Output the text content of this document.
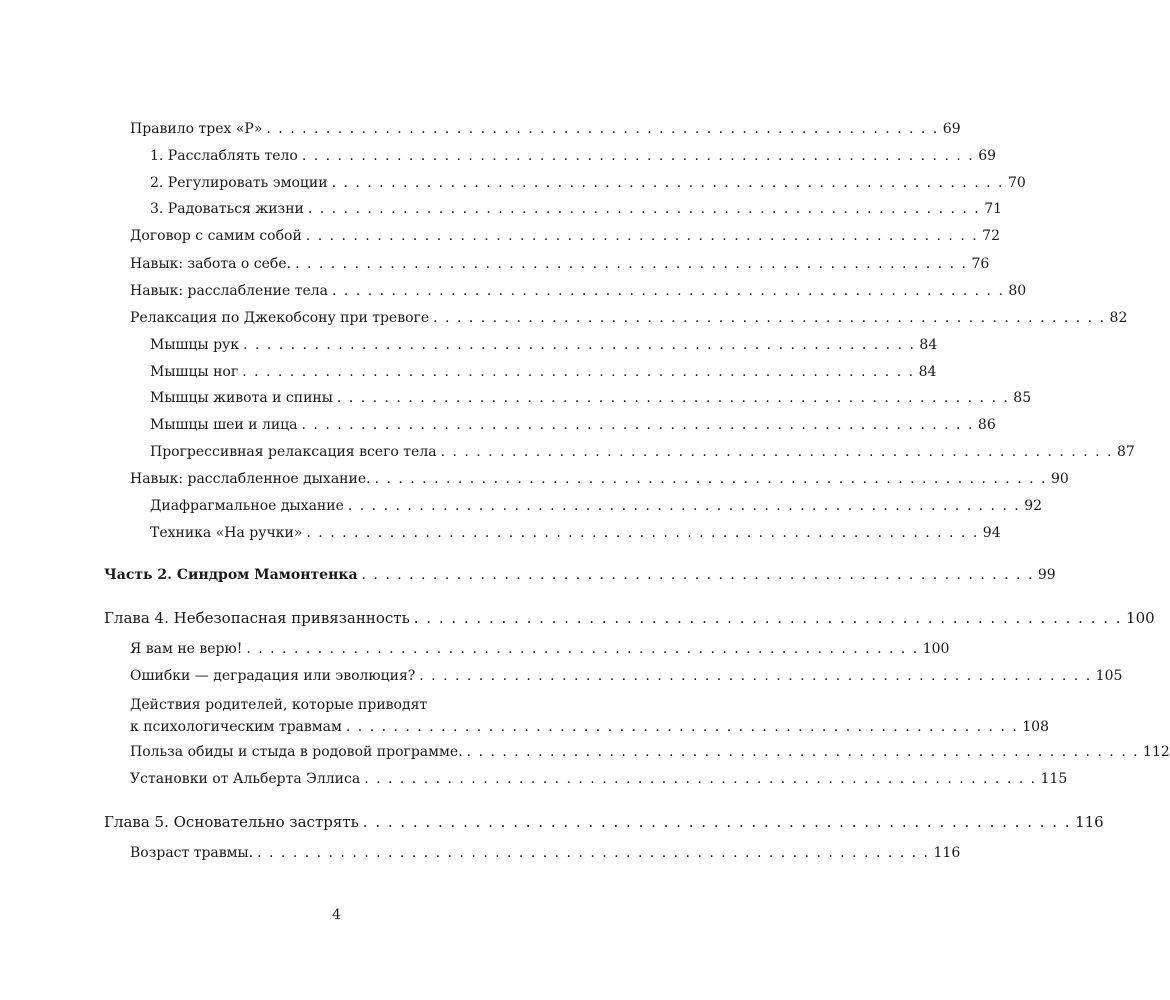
Правило трех «Р» . . . . . . . . . . . . . . . . . . . . . . . . . . . . . . . . . . . . . . . . . . . . . . . . . . . . . . . . . 69
1. Расслаблять тело . . . . . . . . . . . . . . . . . . . . . . . . . . . . . . . . . . . . . . . . . . . . . . . . . . . . . . . . . 69
2. Регулировать эмоции . . . . . . . . . . . . . . . . . . . . . . . . . . . . . . . . . . . . . . . . . . . . . . . . . . . . . . . . . 70
3. Радоваться жизни . . . . . . . . . . . . . . . . . . . . . . . . . . . . . . . . . . . . . . . . . . . . . . . . . . . . . . . . . 71
Договор с самим собой . . . . . . . . . . . . . . . . . . . . . . . . . . . . . . . . . . . . . . . . . . . . . . . . . . . . . . . . . 72
Навык: забота о себе. . . . . . . . . . . . . . . . . . . . . . . . . . . . . . . . . . . . . . . . . . . . . . . . . . . . . . . . . . 76
Навык: расслабление тела . . . . . . . . . . . . . . . . . . . . . . . . . . . . . . . . . . . . . . . . . . . . . . . . . . . . . . . . . 80
Релаксация по Джекобсону при тревоге . . . . . . . . . . . . . . . . . . . . . . . . . . . . . . . . . . . . . . . . . . . . . . . . . . . . . . . . . 82
Мышцы рук . . . . . . . . . . . . . . . . . . . . . . . . . . . . . . . . . . . . . . . . . . . . . . . . . . . . . . . . . 84
Мышцы ног . . . . . . . . . . . . . . . . . . . . . . . . . . . . . . . . . . . . . . . . . . . . . . . . . . . . . . . . . 84
Мышцы живота и спины . . . . . . . . . . . . . . . . . . . . . . . . . . . . . . . . . . . . . . . . . . . . . . . . . . . . . . . . . 85
Мышцы шеи и лица . . . . . . . . . . . . . . . . . . . . . . . . . . . . . . . . . . . . . . . . . . . . . . . . . . . . . . . . . 86
Прогрессивная релаксация всего тела . . . . . . . . . . . . . . . . . . . . . . . . . . . . . . . . . . . . . . . . . . . . . . . . . . . . . . . . . 87
Навык: расслабленное дыхание. . . . . . . . . . . . . . . . . . . . . . . . . . . . . . . . . . . . . . . . . . . . . . . . . . . . . . . . . . 90
Диафрагмальное дыхание . . . . . . . . . . . . . . . . . . . . . . . . . . . . . . . . . . . . . . . . . . . . . . . . . . . . . . . . . 92
Техника «На ручки» . . . . . . . . . . . . . . . . . . . . . . . . . . . . . . . . . . . . . . . . . . . . . . . . . . . . . . . . . 94
Часть 2. Синдром Мамонтенка . . . . . . . . . . . . . . . . . . . . . . . . . . . . . . . . . . . . . . . . . . . . . . . . . . . . . . . . . 99
Глава 4. Небезопасная привязанность . . . . . . . . . . . . . . . . . . . . . . . . . . . . . . . . . . . . . . . . . . . . . . . . . . . . . . . . . 100
Я вам не верю! . . . . . . . . . . . . . . . . . . . . . . . . . . . . . . . . . . . . . . . . . . . . . . . . . . . . . . . . . 100
Ошибки — деградация или эволюция? . . . . . . . . . . . . . . . . . . . . . . . . . . . . . . . . . . . . . . . . . . . . . . . . . . . . . . . . . 105
Действия родителей, которые приводят
к психологическим травмам . . . . . . . . . . . . . . . . . . . . . . . . . . . . . . . . . . . . . . . . . . . . . . . . . . . . . . . . . 108
Польза обиды и стыда в родовой программе. . . . . . . . . . . . . . . . . . . . . . . . . . . . . . . . . . . . . . . . . . . . . . . . . . . . . . . . . . 112
Установки от Альберта Эллиса . . . . . . . . . . . . . . . . . . . . . . . . . . . . . . . . . . . . . . . . . . . . . . . . . . . . . . . . . 115
Глава 5. Основательно застрять . . . . . . . . . . . . . . . . . . . . . . . . . . . . . . . . . . . . . . . . . . . . . . . . . . . . . . . . . 116
Возраст травмы. . . . . . . . . . . . . . . . . . . . . . . . . . . . . . . . . . . . . . . . . . . . . . . . . . . . . . . . . . 116
4
